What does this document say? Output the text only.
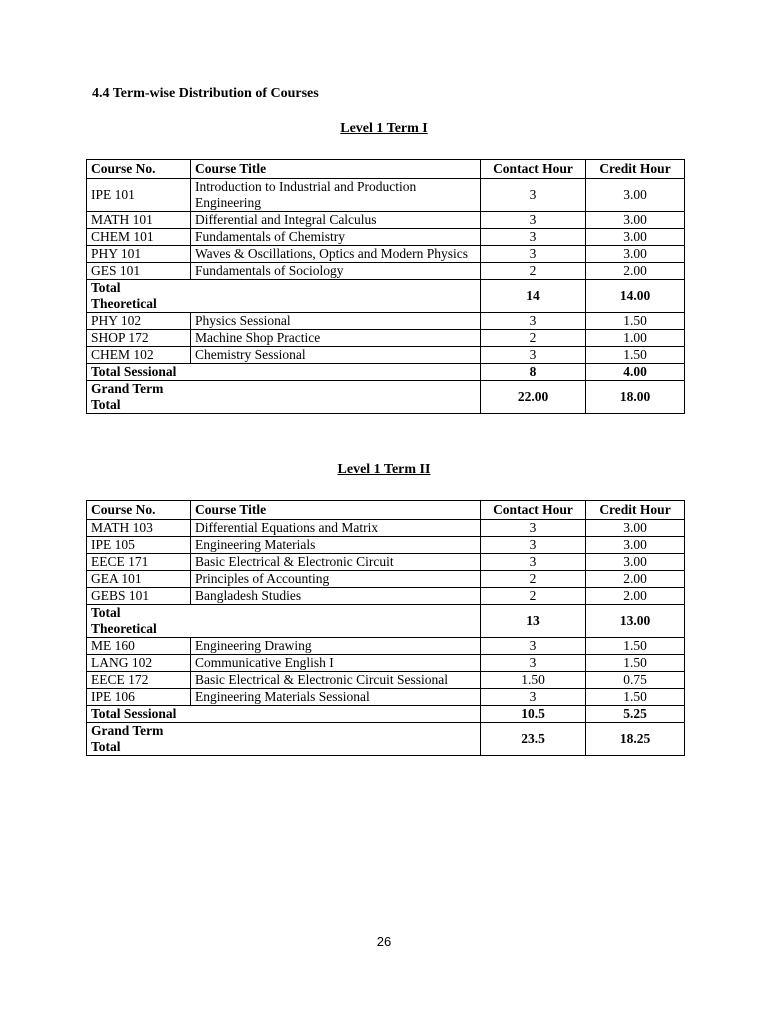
4.4 Term-wise Distribution of Courses
Level 1 Term I
Course No.	Course Title	Contact Hour	Credit Hour
IPE 101	Introduction to Industrial and Production Engineering	3	3.00
MATH 101	Differential and Integral Calculus	3	3.00
CHEM 101	Fundamentals of Chemistry	3	3.00
PHY 101	Waves & Oscillations, Optics and Modern Physics	3	3.00
GES 101	Fundamentals of Sociology	2	2.00
Total Theoretical		14	14.00
PHY 102	Physics Sessional	3	1.50
SHOP 172	Machine Shop Practice	2	1.00
CHEM 102	Chemistry Sessional	3	1.50
Total Sessional		8	4.00
Grand Term Total		22.00	18.00
Level 1 Term II
Course No.	Course Title	Contact Hour	Credit Hour
MATH 103	Differential Equations and Matrix	3	3.00
IPE 105	Engineering Materials	3	3.00
EECE 171	Basic Electrical & Electronic Circuit	3	3.00
GEA 101	Principles of Accounting	2	2.00
GEBS 101	Bangladesh Studies	2	2.00
Total Theoretical		13	13.00
ME 160	Engineering Drawing	3	1.50
LANG 102	Communicative English I	3	1.50
EECE 172	Basic Electrical & Electronic Circuit Sessional	1.50	0.75
IPE 106	Engineering Materials Sessional	3	1.50
Total Sessional		10.5	5.25
Grand Term Total		23.5	18.25
26
